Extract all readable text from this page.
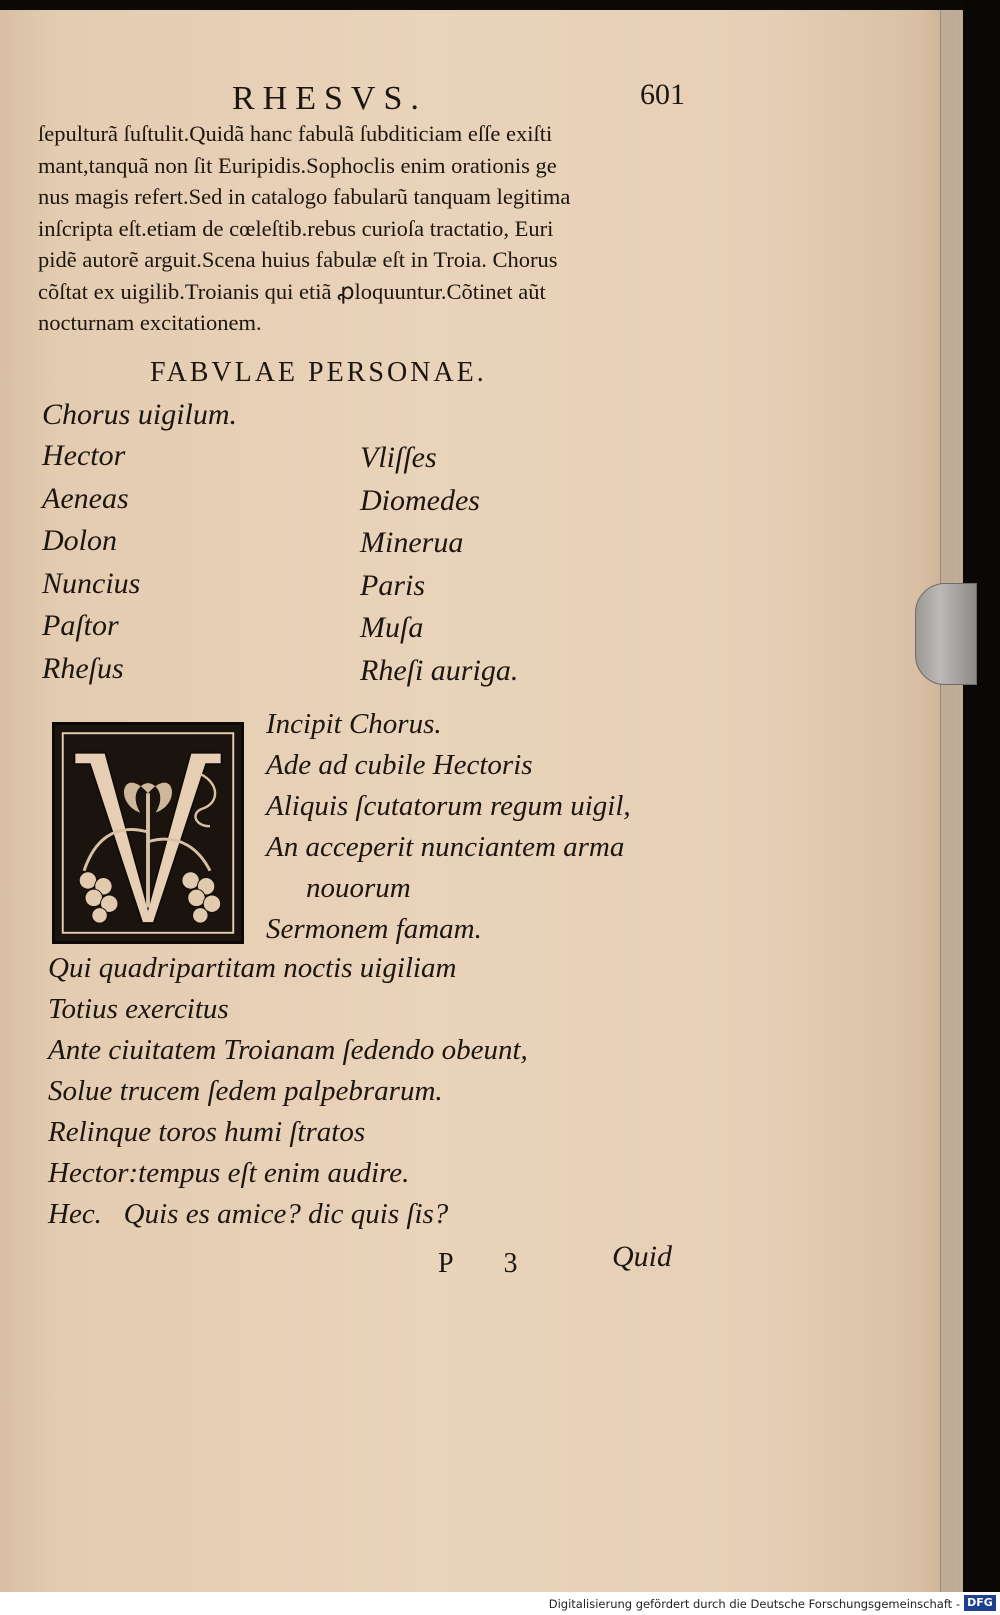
RHESVS.	601
ſepulturã ſuſtulit.Quidã hanc fabulã ſubditiciam eſſe exiſti
mant,tanquã non ſit Euripidis.Sophoclis enim orationis ge
nus magis refert.Sed in catalogo fabularũ tanquam legitima
inſcripta eſt.etiam de cœleſtib.rebus curioſa tractatio, Euri
pidẽ autorẽ arguit.Scena huius fabulæ eſt in Troia. Chorus
cõſtat ex uigilib.Troianis qui etiã ꝓloquuntur.Cõtinet aũt
nocturnam excitationem.
FABVLAE PERSONAE.
Chorus uigilum.
Hector
Aeneas
Dolon
Nuncius
Paſtor
Rheſus
Vliſſes
Diomedes
Mineruа
Paris
Muſa
Rheſi auriga.
Incipit Chorus.
Ade ad cubile Hectoris
Aliquis ſcutatorum regum uigil,
An acceperit nunciantem arma
nouorum
Sermonem famam.
Qui quadripartitam noctis uigiliam
Totius exercitus
Ante ciuitatem Troianam ſedendo obeunt,
Solue trucem ſedem palpebrarum.
Relinque toros humi ſtratos
Hector:tempus eſt enim audire.
Hec.   Quis es amice? dic quis ſis?
P 3 Quid
Digitalisierung gefördert durch die Deutsche Forschungsgemeinschaft - DFG
